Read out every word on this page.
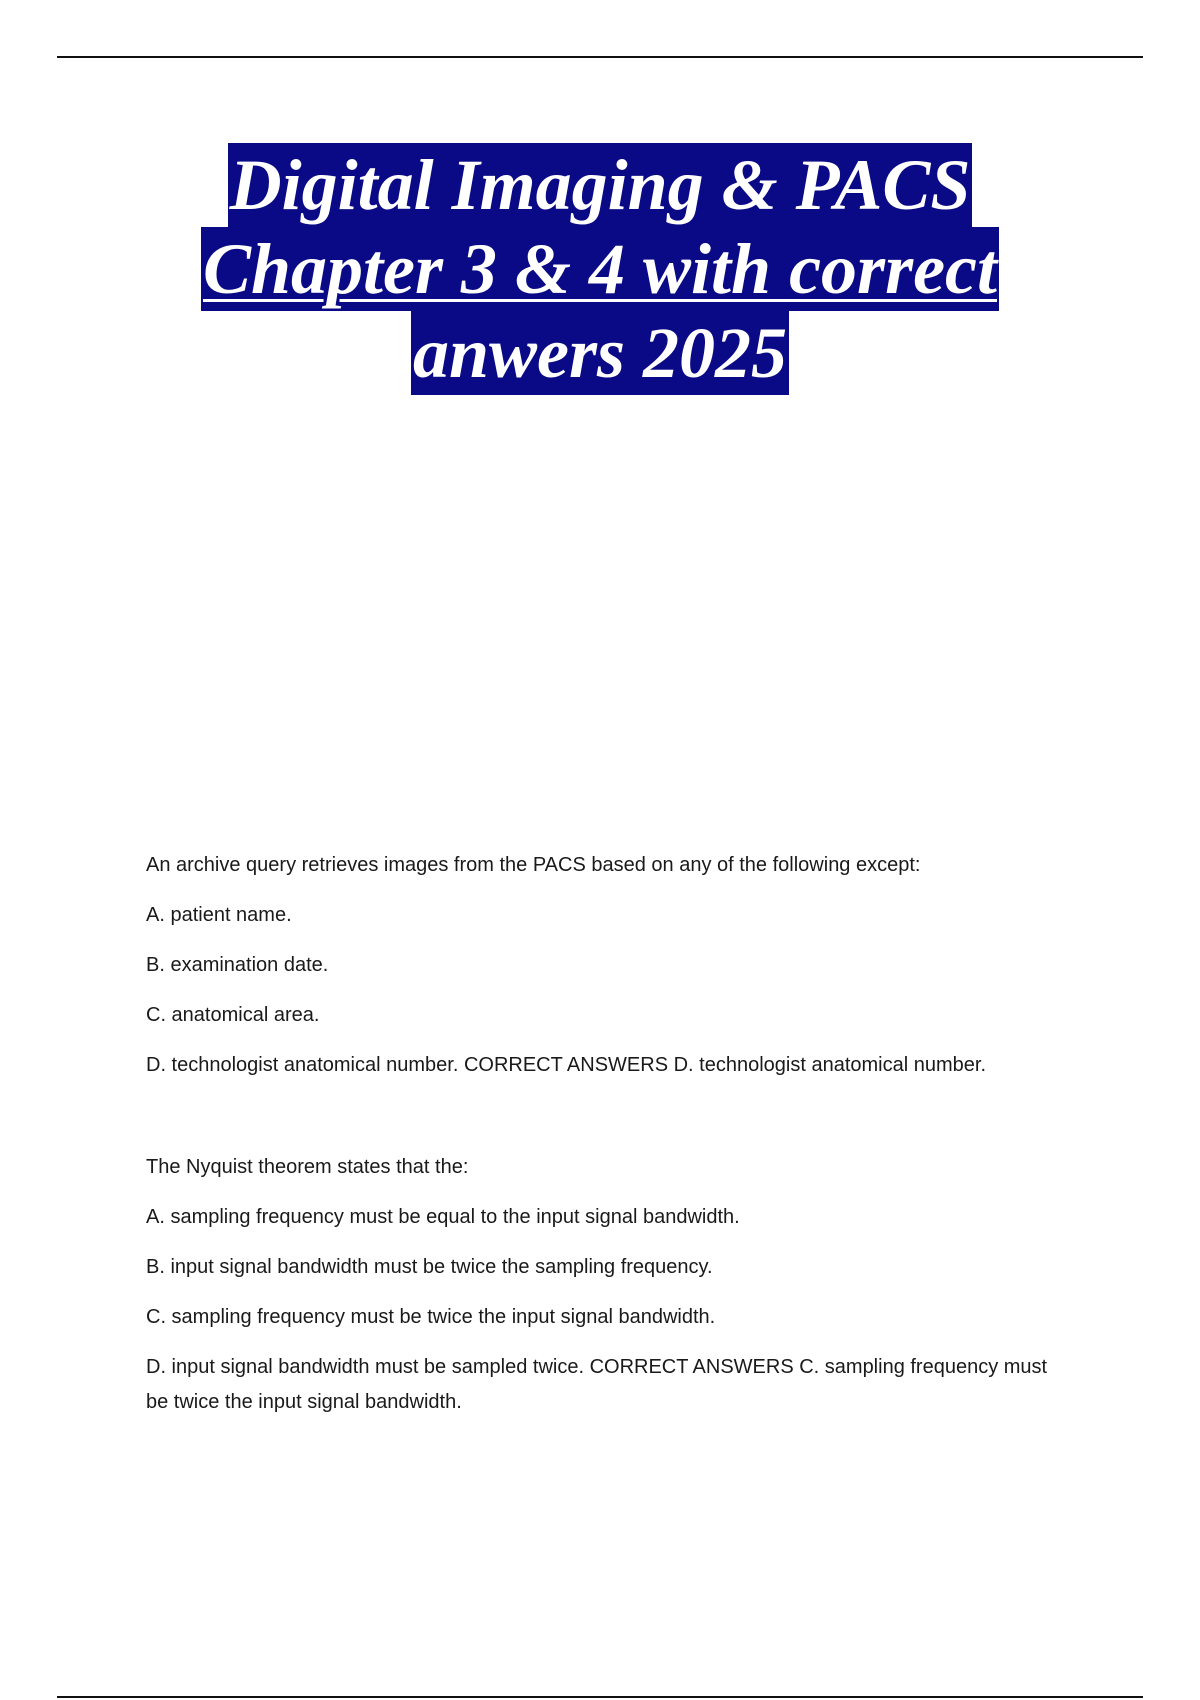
Digital Imaging & PACS
Chapter 3 & 4 with correct
anwers 2025

An archive query retrieves images from the PACS based on any of the following except:

A. patient name.

B. examination date.

C. anatomical area.

D. technologist anatomical number. CORRECT ANSWERS D. technologist anatomical number.

The Nyquist theorem states that the:

A. sampling frequency must be equal to the input signal bandwidth.

B. input signal bandwidth must be twice the sampling frequency.

C. sampling frequency must be twice the input signal bandwidth.

D. input signal bandwidth must be sampled twice. CORRECT ANSWERS C. sampling frequency must be twice the input signal bandwidth.
